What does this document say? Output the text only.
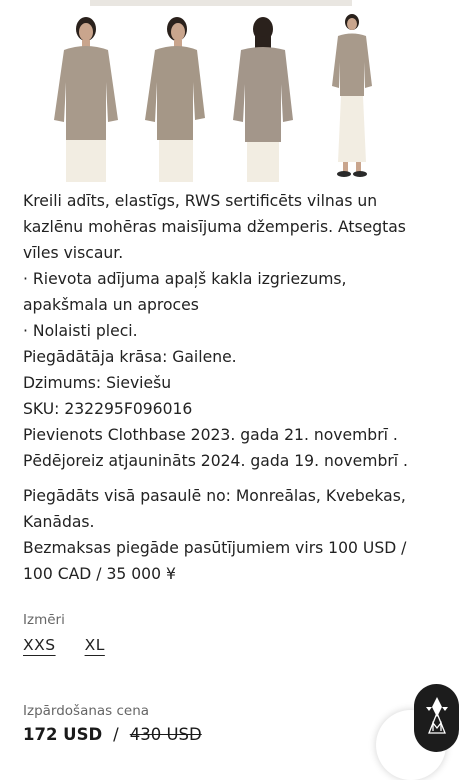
Kreili adīts, elastīgs, RWS sertificēts vilnas un

kazlēnu mohēras maisījuma džemperis. Atsegtas

vīles viscaur.

· Rievota adījuma apaļš kakla izgriezums,

apakšmala un aproces

· Nolaisti pleci.

Piegādātāja krāsa: Gailene.

Dzimums: Sieviešu

SKU: 232295F096016

Pievienots Clothbase 2023. gada 21. novembrī .

Pēdējoreiz atjaunināts 2024. gada 19. novembrī .

Piegādāts visā pasaulē no: Monreālas, Kvebekas,

Kanādas.

Bezmaksas piegāde pasūtījumiem virs 100 USD /

100 CAD / 35 000 ¥

Izmēri
XXS XL
Izpārdošanas cena
172 USD / 430 USD
